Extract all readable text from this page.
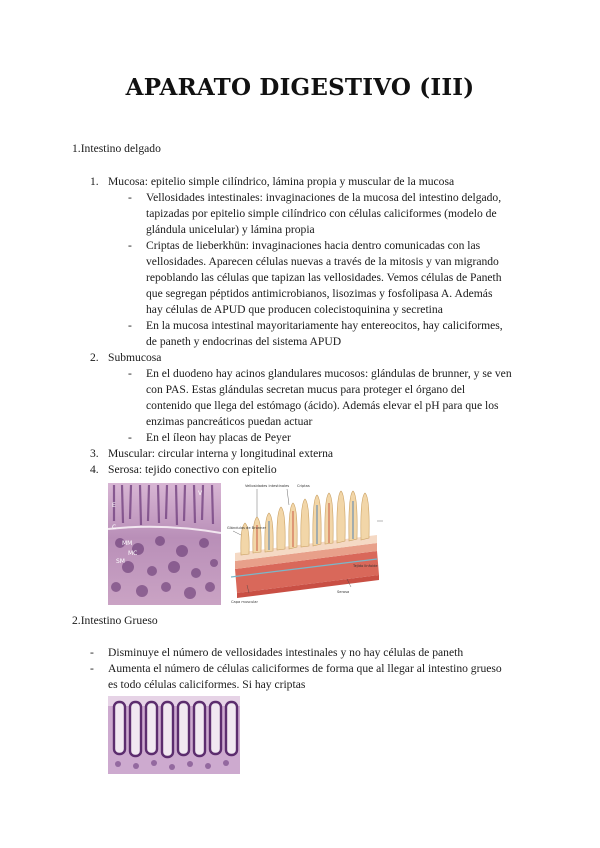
APARATO DIGESTIVO (III)
1.Intestino delgado
1. Mucosa: epitelio simple cilíndrico, lámina propia y muscular de la mucosa
- Vellosidades intestinales: invaginaciones de la mucosa del intestino delgado,
tapizadas por epitelio simple cilíndrico con células caliciformes (modelo de
glándula unicelular) y lámina propia
- Criptas de lieberkhün: invaginaciones hacia dentro comunicadas con las
vellosidades. Aparecen células nuevas a través de la mitosis y van migrando
repoblando las células que tapizan las vellosidades. Vemos células de Paneth
que segregan péptidos antimicrobianos, lisozimas y fosfolipasa A. Además
hay células de APUD que producen colecistoquinina y secretina
- En la mucosa intestinal mayoritariamente hay entereocitos, hay caliciformes,
de paneth y endocrinas del sistema APUD
2. Submucosa
- En el duodeno hay acinos glandulares mucosos: glándulas de brunner, y se ven
con PAS. Estas glándulas secretan mucus para proteger el órgano del
contenido que llega del estómago (ácido). Además elevar el pH para que los
enzimas pancreáticos puedan actuar
- En el íleon hay placas de Peyer
3. Muscular: circular interna y longitudinal externa
4. Serosa: tejido conectivo con epitelio
V
C
MM
SM
E
MC
Vellosidades intestinales Criptas
Glándulas de Brunner
Tejido linfoide
Capa muscular
Serosa
2.Intestino Grueso
- Disminuye el número de vellosidades intestinales y no hay células de paneth
- Aumenta el número de células caliciformes de forma que al llegar al intestino grueso
es todo células caliciformes. Si hay criptas
